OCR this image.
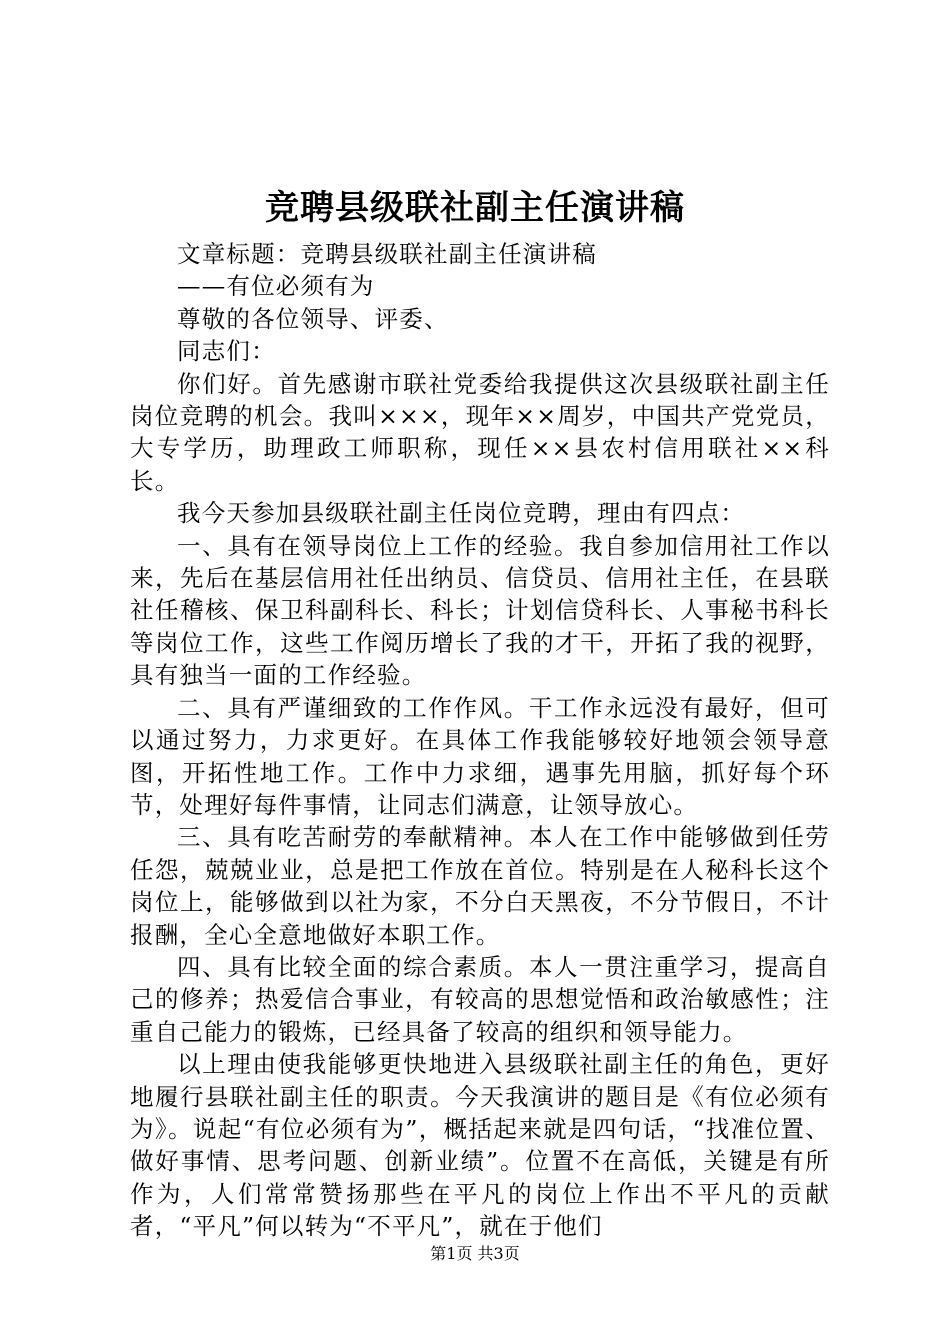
竞聘县级联社副主任演讲稿

文章标题：竞聘县级联社副主任演讲稿

——有位必须有为

尊敬的各位领导、评委、

同志们：

你们好。首先感谢市联社党委给我提供这次县级联社副主任岗位竞聘的机会。我叫×××，现年××周岁，中国共产党党员，大专学历，助理政工师职称，现任××县农村信用联社××科长。

我今天参加县级联社副主任岗位竞聘，理由有四点：

一、具有在领导岗位上工作的经验。我自参加信用社工作以来，先后在基层信用社任出纳员、信贷员、信用社主任，在县联社任稽核、保卫科副科长、科长；计划信贷科长、人事秘书科长等岗位工作，这些工作阅历增长了我的才干，开拓了我的视野，具有独当一面的工作经验。

二、具有严谨细致的工作作风。干工作永远没有最好，但可以通过努力，力求更好。在具体工作我能够较好地领会领导意图，开拓性地工作。工作中力求细，遇事先用脑，抓好每个环节，处理好每件事情，让同志们满意，让领导放心。

三、具有吃苦耐劳的奉献精神。本人在工作中能够做到任劳任怨，兢兢业业，总是把工作放在首位。特别是在人秘科长这个岗位上，能够做到以社为家，不分白天黑夜，不分节假日，不计报酬，全心全意地做好本职工作。

四、具有比较全面的综合素质。本人一贯注重学习，提高自己的修养；热爱信合事业，有较高的思想觉悟和政治敏感性；注重自己能力的锻炼，已经具备了较高的组织和领导能力。

以上理由使我能够更快地进入县级联社副主任的角色，更好地履行县联社副主任的职责。今天我演讲的题目是《有位必须有为》。说起“有位必须有为”，概括起来就是四句话，“找准位置、做好事情、思考问题、创新业绩”。位置不在高低，关键是有所作为，人们常常赞扬那些在平凡的岗位上作出不平凡的贡献者，“平凡”何以转为“不平凡”，就在于他们

第1页 共3页
